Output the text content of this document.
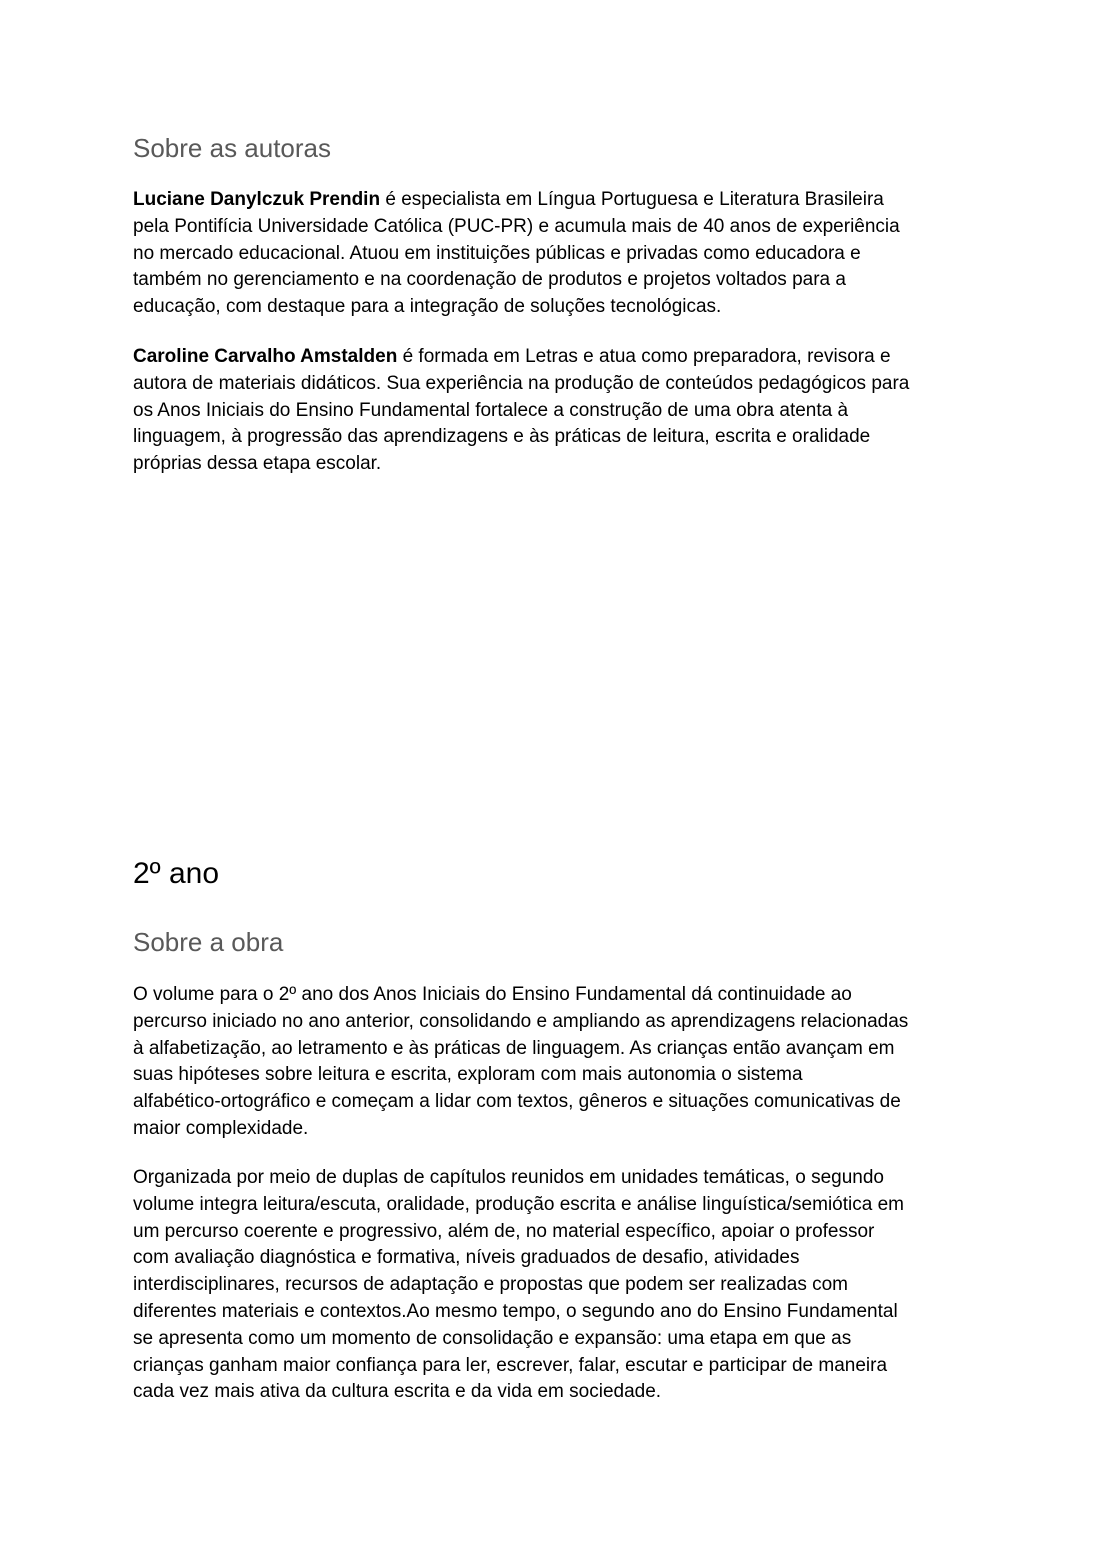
Sobre as autoras
Luciane Danylczuk Prendin é especialista em Língua Portuguesa e Literatura Brasileira
pela Pontifícia Universidade Católica (PUC-PR) e acumula mais de 40 anos de experiência
no mercado educacional. Atuou em instituições públicas e privadas como educadora e
também no gerenciamento e na coordenação de produtos e projetos voltados para a
educação, com destaque para a integração de soluções tecnológicas.
Caroline Carvalho Amstalden é formada em Letras e atua como preparadora, revisora e
autora de materiais didáticos. Sua experiência na produção de conteúdos pedagógicos para
os Anos Iniciais do Ensino Fundamental fortalece a construção de uma obra atenta à
linguagem, à progressão das aprendizagens e às práticas de leitura, escrita e oralidade
próprias dessa etapa escolar.
2º ano
Sobre a obra
O volume para o 2º ano dos Anos Iniciais do Ensino Fundamental dá continuidade ao
percurso iniciado no ano anterior, consolidando e ampliando as aprendizagens relacionadas
à alfabetização, ao letramento e às práticas de linguagem. As crianças então avançam em
suas hipóteses sobre leitura e escrita, exploram com mais autonomia o sistema
alfabético-ortográfico e começam a lidar com textos, gêneros e situações comunicativas de
maior complexidade.
Organizada por meio de duplas de capítulos reunidos em unidades temáticas, o segundo
volume integra leitura/escuta, oralidade, produção escrita e análise linguística/semiótica em
um percurso coerente e progressivo, além de, no material específico, apoiar o professor
com avaliação diagnóstica e formativa, níveis graduados de desafio, atividades
interdisciplinares, recursos de adaptação e propostas que podem ser realizadas com
diferentes materiais e contextos.Ao mesmo tempo, o segundo ano do Ensino Fundamental
se apresenta como um momento de consolidação e expansão: uma etapa em que as
crianças ganham maior confiança para ler, escrever, falar, escutar e participar de maneira
cada vez mais ativa da cultura escrita e da vida em sociedade.
